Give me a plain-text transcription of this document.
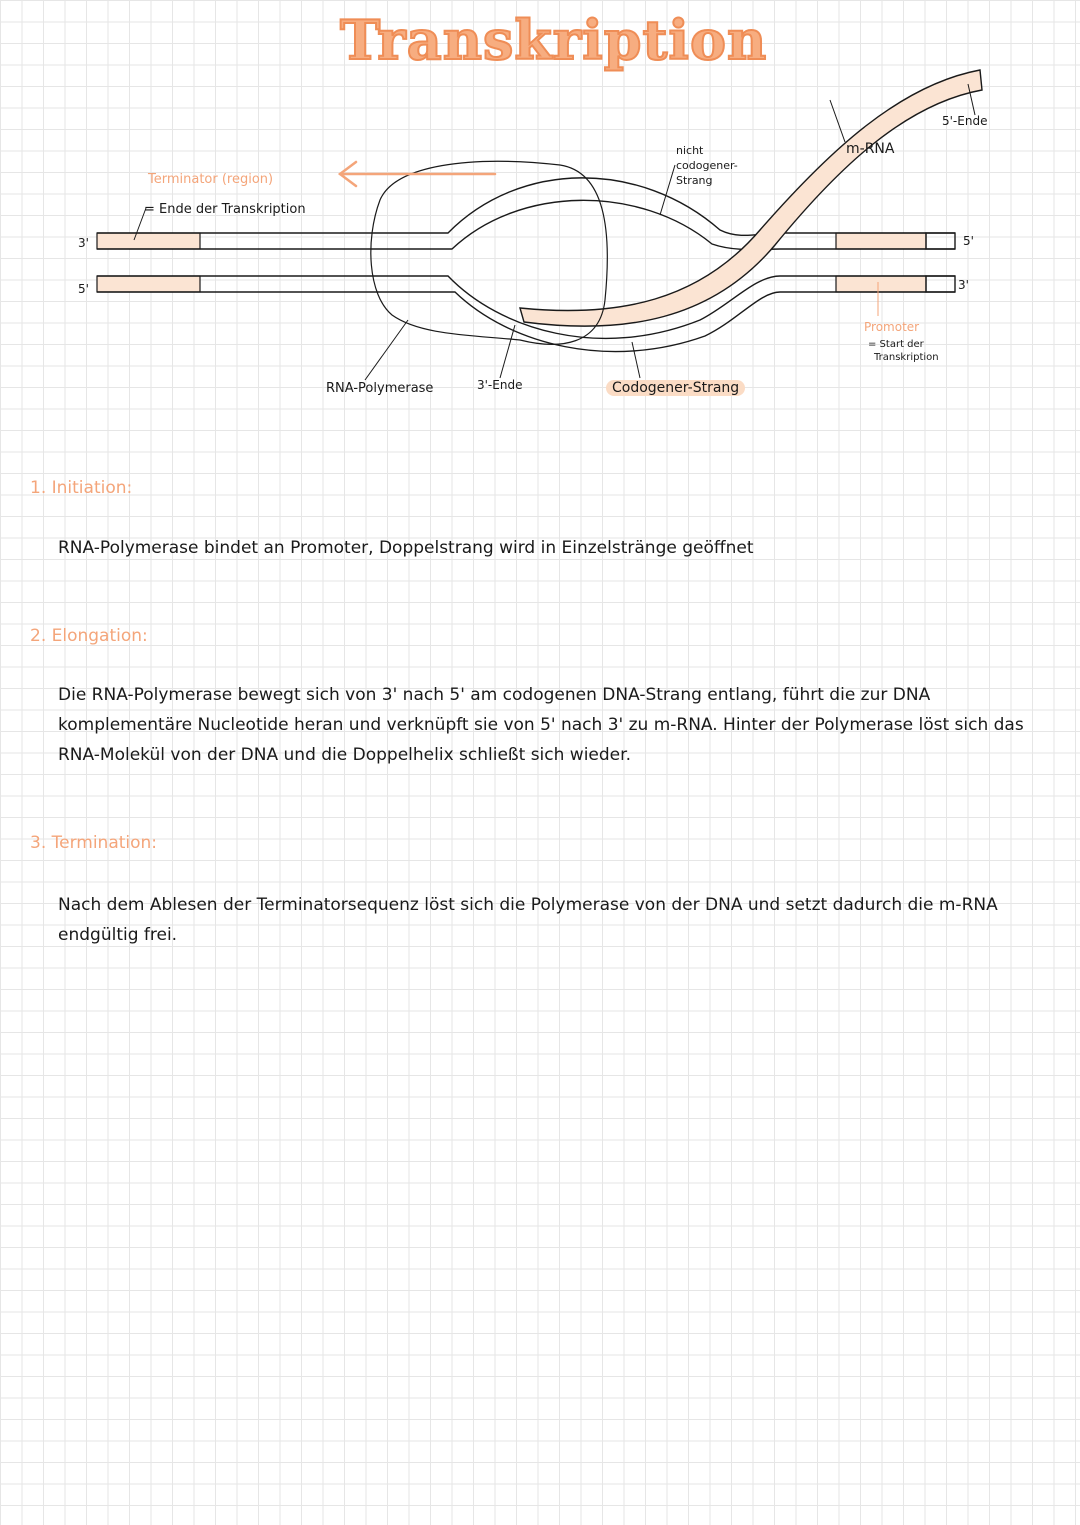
Transkription
3'
5'
5'
3'
Terminator (region)
= Ende der Transkription
nicht
codogener-
Strang
m-RNA
5'-Ende
Promoter
= Start der
Transkription
RNA-Polymerase	3'-Ende	Codogener-Strang
1. Initiation:
RNA-Polymerase bindet an Promoter, Doppelstrang wird in Einzelstränge geöffnet
2. Elongation:
Die RNA-Polymerase bewegt sich von 3' nach 5' am codogenen DNA-Strang entlang, führt die zur DNA komplementäre Nucleotide heran und verknüpft sie von 5' nach 3' zu m-RNA. Hinter der Polymerase löst sich das RNA-Molekül von der DNA und die Doppelhelix schließt sich wieder.
3. Termination:
Nach dem Ablesen der Terminatorsequenz löst sich die Polymerase von der DNA und setzt dadurch die m-RNA endgültig frei.
